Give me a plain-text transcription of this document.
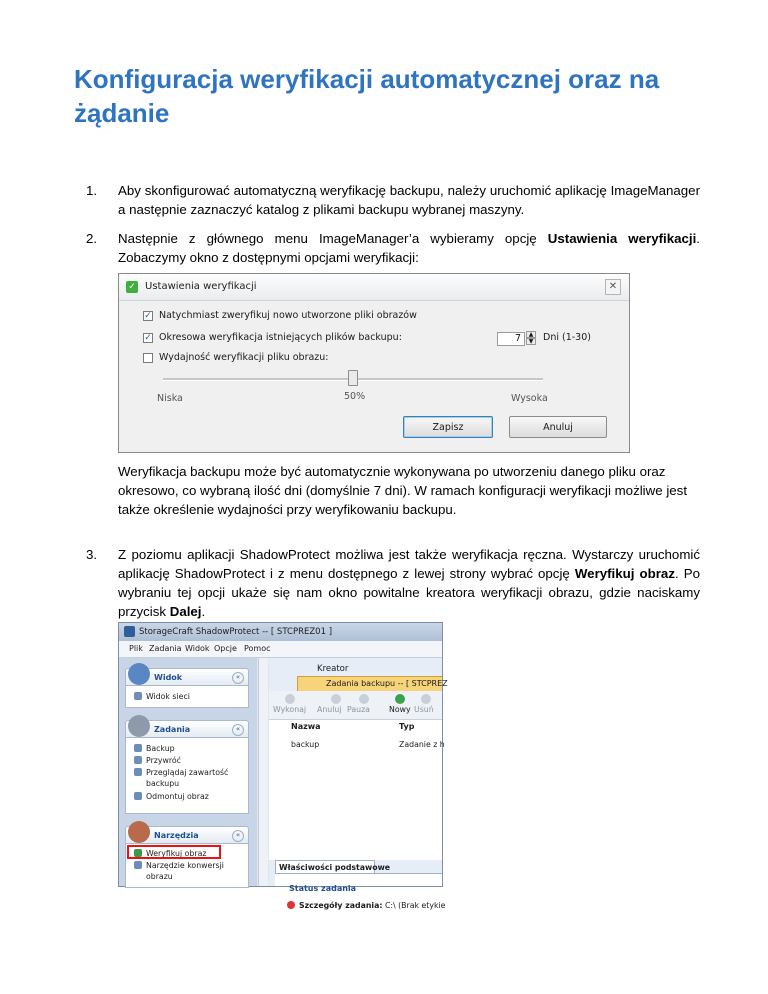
Konfiguracja weryfikacji automatycznej oraz na żądanie
1. Aby skonfigurować automatyczną weryfikację backupu, należy uruchomić aplikację ImageManager a następnie zaznaczyć katalog z plikami backupu wybranej maszyny.
2. Następnie z głównego menu ImageManager’a wybieramy opcję Ustawienia weryfikacji. Zobaczymy okno z dostępnymi opcjami weryfikacji:
✓ Ustawienia weryfikacji	✕
✓ Natychmiast zweryfikuj nowo utworzone pliki obrazów
✓ Okresowa weryfikacja istniejących plików backupu:	7	▲
▼ Dni (1-30)
Wydajność weryfikacji pliku obrazu:
Niska	50%	Wysoka
Zapisz	Anuluj
Weryfikacja backupu może być automatycznie wykonywana po utworzeniu danego pliku oraz okresowo, co wybraną ilość dni (domyślnie 7 dni). W ramach konfiguracji weryfikacji możliwe jest także określenie wydajności przy weryfikowaniu backupu.
3. Z poziomu aplikacji ShadowProtect możliwa jest także weryfikacja ręczna. Wystarczy uruchomić aplikację ShadowProtect i z menu dostępnego z lewej strony wybrać opcję Weryfikuj obraz. Po wybraniu tej opcji ukaże się nam okno powitalne kreatora weryfikacji obrazu, gdzie naciskamy przycisk Dalej.
StorageCraft ShadowProtect -- [ STCPREZ01 ]
Plik Zadania Widok Opcje Pomoc
Widok	«
Widok sieci
Zadania	«
Backup
Przywróć
Przeglądaj zawartość
backupu
Odmontuj obraz
Narzędzia	«
Weryfikuj obraz
Narzędzie konwersji
obrazu
Kreator
Zadania backupu -- [ STCPREZ
Wykonaj Anuluj Pauza Nowy Usuń
Nazwa	Typ
backup	Zadanie z h
Właściwości podstawowe
Status zadania
Szczegóły zadania: C:\ (Brak etykie
